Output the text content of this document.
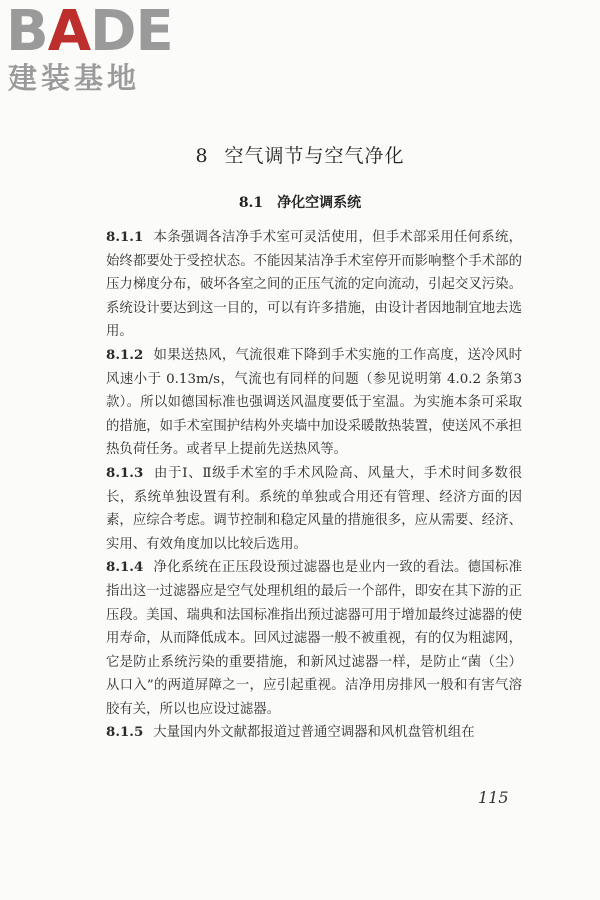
BADE
建装基地
8 空气调节与空气净化
8.1 净化空调系统

8.1.1 本条强调各洁净手术室可灵活使用，但手术部采用任何系统，始终都要处于受控状态。不能因某洁净手术室停开而影响整个手术部的压力梯度分布，破坏各室之间的正压气流的定向流动，引起交叉污染。系统设计要达到这一目的，可以有许多措施，由设计者因地制宜地去选用。

8.1.2 如果送热风，气流很难下降到手术实施的工作高度，送冷风时风速小于 0.13m/s，气流也有同样的问题（参见说明第 4.0.2 条第3款）。所以如德国标准也强调送风温度要低于室温。为实施本条可采取的措施，如手术室围护结构外夹墙中加设采暖散热装置，使送风不承担热负荷任务。或者早上提前先送热风等。

8.1.3 由于Ⅰ、Ⅱ级手术室的手术风险高、风量大，手术时间多数很长，系统单独设置有利。系统的单独或合用还有管理、经济方面的因素，应综合考虑。调节控制和稳定风量的措施很多，应从需要、经济、实用、有效角度加以比较后选用。

8.1.4 净化系统在正压段设预过滤器也是业内一致的看法。德国标准指出这一过滤器应是空气处理机组的最后一个部件，即安在其下游的正压段。美国、瑞典和法国标准指出预过滤器可用于增加最终过滤器的使用寿命，从而降低成本。回风过滤器一般不被重视，有的仅为粗滤网，它是防止系统污染的重要措施，和新风过滤器一样，是防止“菌（尘）从口入”的两道屏障之一，应引起重视。洁净用房排风一般和有害气溶胶有关，所以也应设过滤器。

8.1.5 大量国内外文献都报道过普通空调器和风机盘管机组在

115
